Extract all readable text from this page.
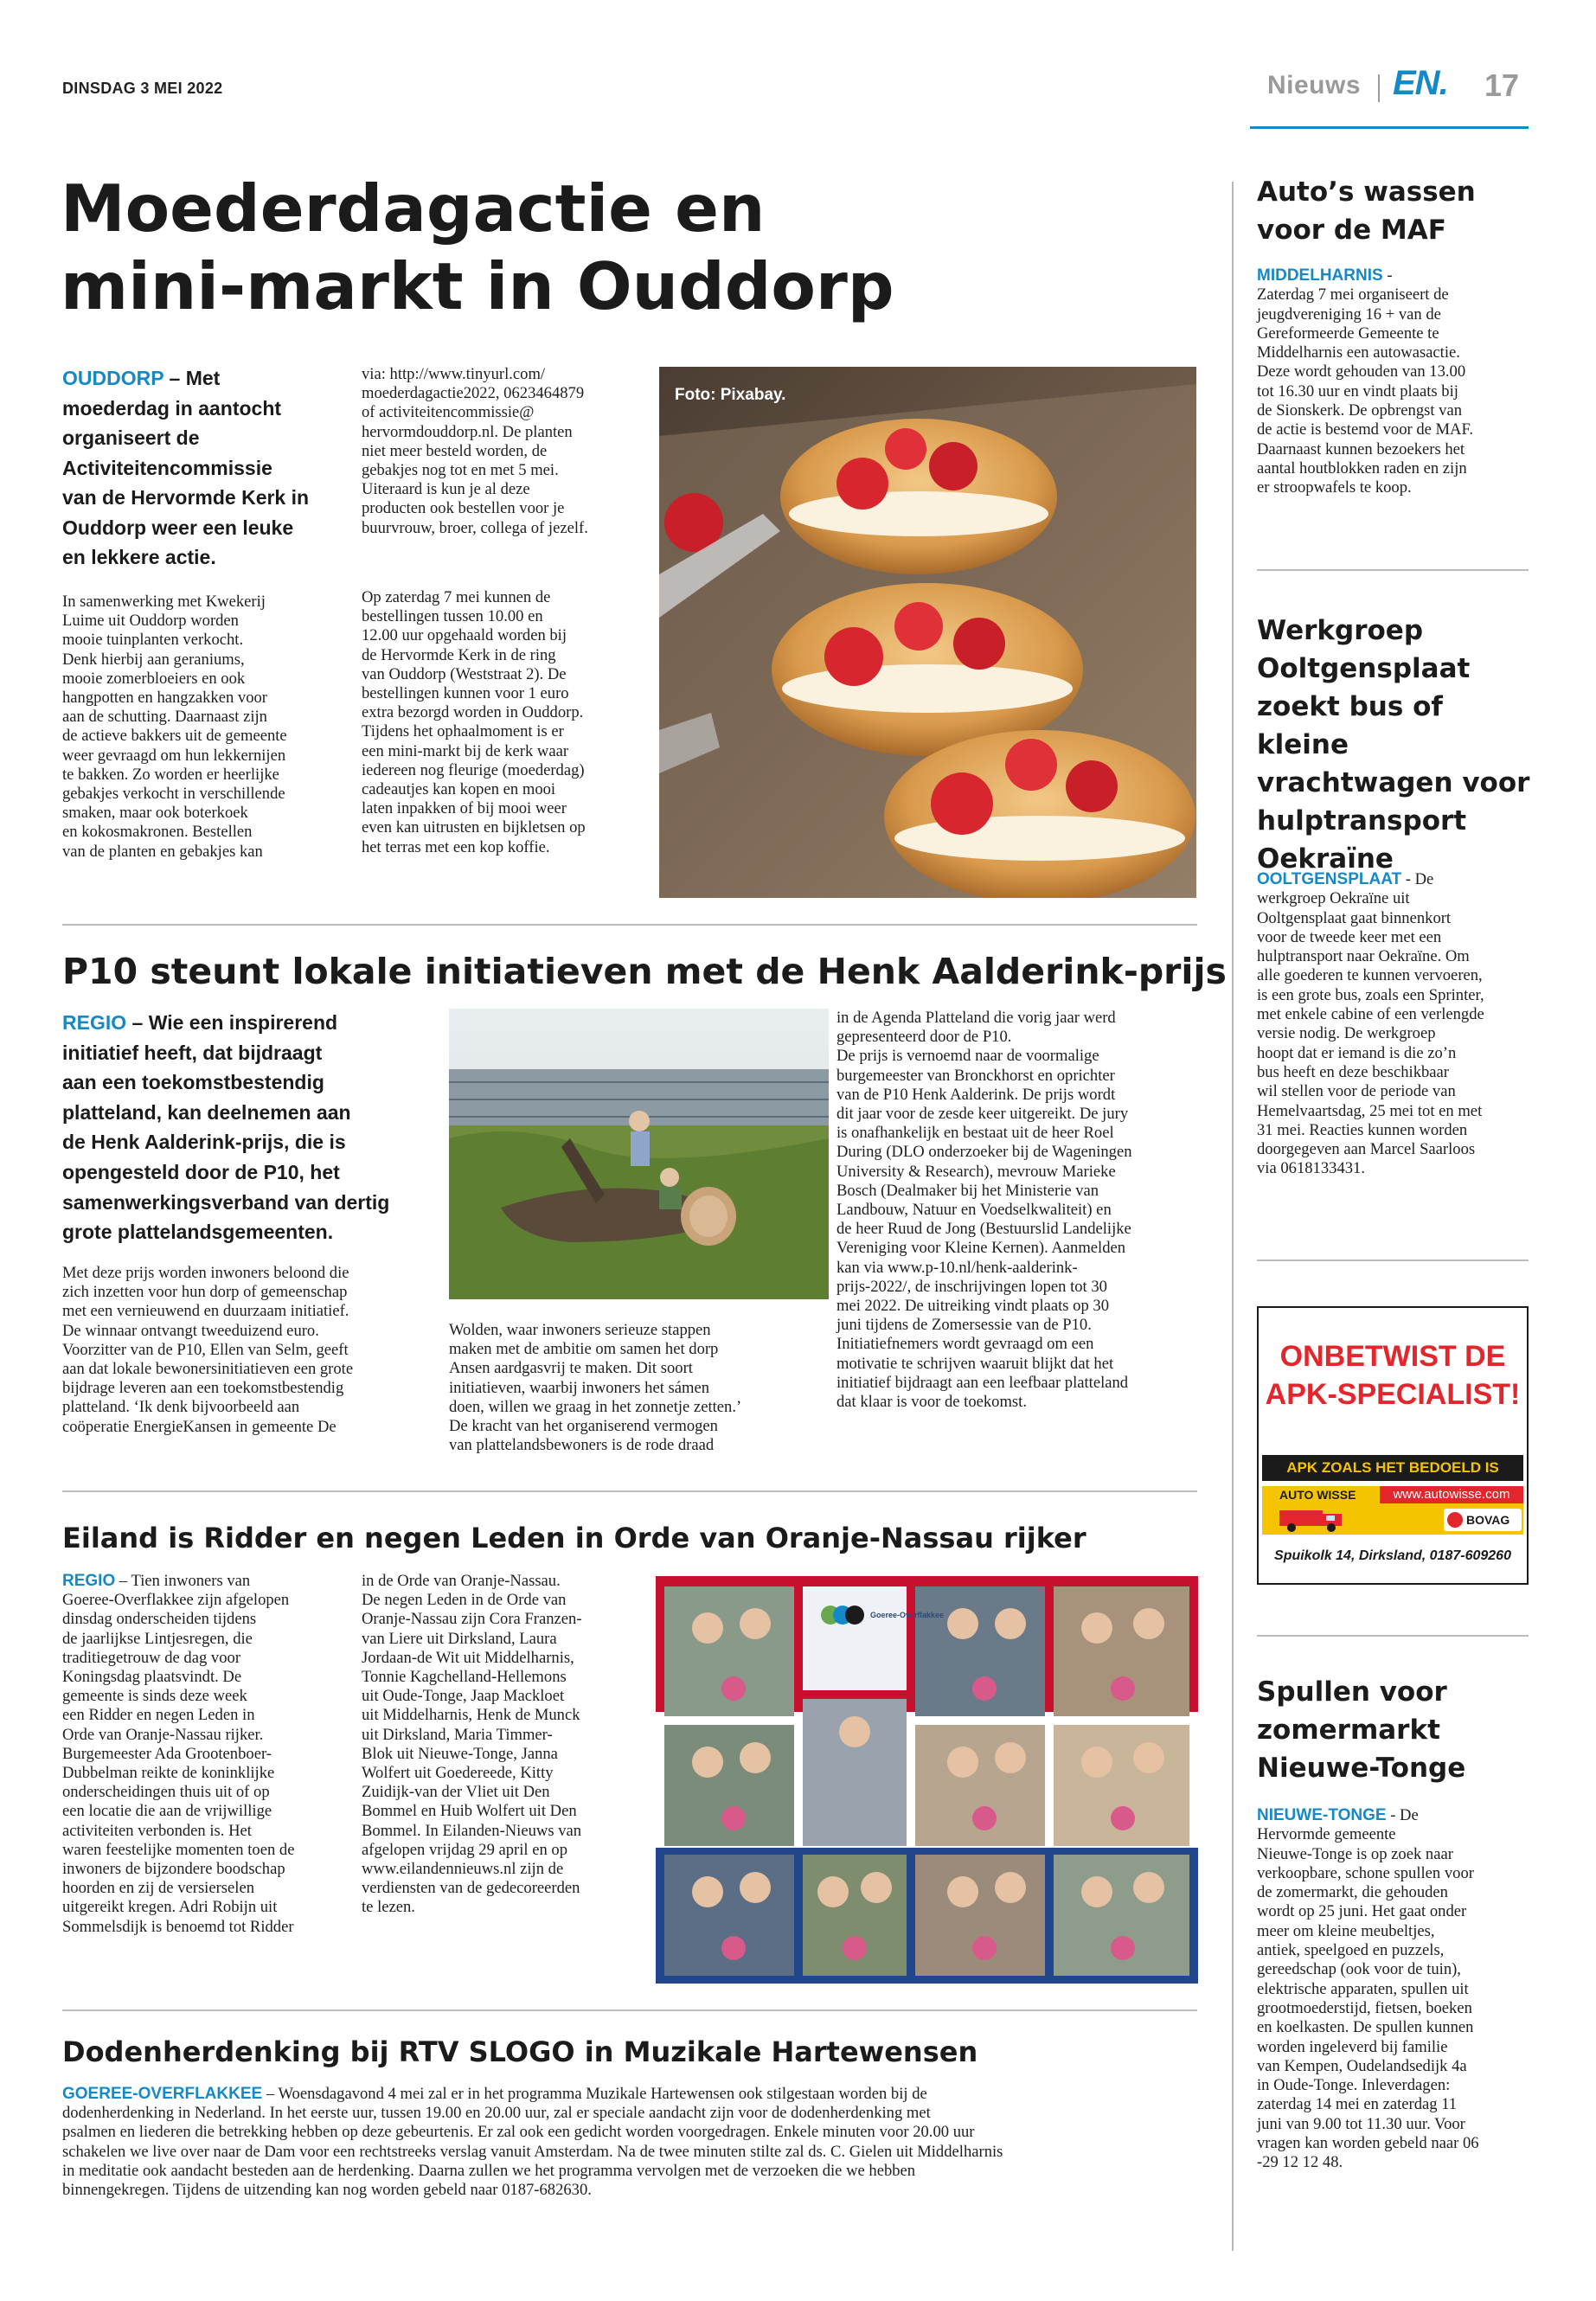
DINSDAG 3 MEI 2022	Nieuws EN. 17
Moederdagactie en
mini-markt in Ouddorp
OUDDORP – Met
moederdag in aantocht
organiseert de
Activiteitencommissie
van de Hervormde Kerk in
Ouddorp weer een leuke
en lekkere actie.
In samenwerking met Kwekerij
Luime uit Ouddorp worden
mooie tuinplanten verkocht.
Denk hierbij aan geraniums,
mooie zomerbloeiers en ook
hangpotten en hangzakken voor
aan de schutting. Daarnaast zijn
de actieve bakkers uit de gemeente
weer gevraagd om hun lekkernijen
te bakken. Zo worden er heerlijke
gebakjes verkocht in verschillende
smaken, maar ook boterkoek
en kokosmakronen. Bestellen
van de planten en gebakjes kan
via: http://www.tinyurl.com/
moederdagactie2022, 0623464879
of activiteitencommissie@
hervormdouddorp.nl. De planten
niet meer besteld worden, de
gebakjes nog tot en met 5 mei.
Uiteraard is kun je al deze
producten ook bestellen voor je
buurvrouw, broer, collega of jezelf.
Op zaterdag 7 mei kunnen de
bestellingen tussen 10.00 en
12.00 uur opgehaald worden bij
de Hervormde Kerk in de ring
van Ouddorp (Weststraat 2). De
bestellingen kunnen voor 1 euro
extra bezorgd worden in Ouddorp.
Tijdens het ophaalmoment is er
een mini-markt bij de kerk waar
iedereen nog fleurige (moederdag)
cadeautjes kan kopen en mooi
laten inpakken of bij mooi weer
even kan uitrusten en bijkletsen op
het terras met een kop koffie.
Foto: Pixabay.
P10 steunt lokale initiatieven met de Henk Aalderink-prijs
REGIO – Wie een inspirerend
initiatief heeft, dat bijdraagt
aan een toekomstbestendig
platteland, kan deelnemen aan
de Henk Aalderink-prijs, die is
opengesteld door de P10, het
samenwerkingsverband van dertig
grote plattelandsgemeenten.
Met deze prijs worden inwoners beloond die
zich inzetten voor hun dorp of gemeenschap
met een vernieuwend en duurzaam initiatief.
De winnaar ontvangt tweeduizend euro.
Voorzitter van de P10, Ellen van Selm, geeft
aan dat lokale bewonersinitiatieven een grote
bijdrage leveren aan een toekomstbestendig
platteland. ‘Ik denk bijvoorbeeld aan
coöperatie EnergieKansen in gemeente De
Wolden, waar inwoners serieuze stappen
maken met de ambitie om samen het dorp
Ansen aardgasvrij te maken. Dit soort
initiatieven, waarbij inwoners het sámen
doen, willen we graag in het zonnetje zetten.’
De kracht van het organiserend vermogen
van plattelandsbewoners is de rode draad
in de Agenda Platteland die vorig jaar werd
gepresenteerd door de P10.
De prijs is vernoemd naar de voormalige
burgemeester van Bronckhorst en oprichter
van de P10 Henk Aalderink. De prijs wordt
dit jaar voor de zesde keer uitgereikt. De jury
is onafhankelijk en bestaat uit de heer Roel
During (DLO onderzoeker bij de Wageningen
University & Research), mevrouw Marieke
Bosch (Dealmaker bij het Ministerie van
Landbouw, Natuur en Voedselkwaliteit) en
de heer Ruud de Jong (Bestuurslid Landelijke
Vereniging voor Kleine Kernen). Aanmelden
kan via www.p-10.nl/henk-aalderink-
prijs-2022/, de inschrijvingen lopen tot 30
mei 2022. De uitreiking vindt plaats op 30
juni tijdens de Zomersessie van de P10.
Initiatiefnemers wordt gevraagd om een
motivatie te schrijven waaruit blijkt dat het
initiatief bijdraagt aan een leefbaar platteland
dat klaar is voor de toekomst.
Eiland is Ridder en negen Leden in Orde van Oranje-Nassau rijker
REGIO – Tien inwoners van
Goeree-Overflakkee zijn afgelopen
dinsdag onderscheiden tijdens
de jaarlijkse Lintjesregen, die
traditiegetrouw de dag voor
Koningsdag plaatsvindt. De
gemeente is sinds deze week
een Ridder en negen Leden in
Orde van Oranje-Nassau rijker.
Burgemeester Ada Grootenboer-
Dubbelman reikte de koninklijke
onderscheidingen thuis uit of op
een locatie die aan de vrijwillige
activiteiten verbonden is. Het
waren feestelijke momenten toen de
inwoners de bijzondere boodschap
hoorden en zij de versierselen
uitgereikt kregen. Adri Robijn uit
Sommelsdijk is benoemd tot Ridder
in de Orde van Oranje-Nassau.
De negen Leden in de Orde van
Oranje-Nassau zijn Cora Franzen-
van Liere uit Dirksland, Laura
Jordaan-de Wit uit Middelharnis,
Tonnie Kagchelland-Hellemons
uit Oude-Tonge, Jaap Mackloet
uit Middelharnis, Henk de Munck
uit Dirksland, Maria Timmer-
Blok uit Nieuwe-Tonge, Janna
Wolfert uit Goedereede, Kitty
Zuidijk-van der Vliet uit Den
Bommel en Huib Wolfert uit Den
Bommel. In Eilanden-Nieuws van
afgelopen vrijdag 29 april en op
www.eilandennieuws.nl zijn de
verdiensten van de gedecoreerden
te lezen.
Goeree-Overflakkee
Dodenherdenking bij RTV SLOGO in Muzikale Hartewensen
GOEREE-OVERFLAKKEE – Woensdagavond 4 mei zal er in het programma Muzikale Hartewensen ook stilgestaan worden bij de
dodenherdenking in Nederland. In het eerste uur, tussen 19.00 en 20.00 uur, zal er speciale aandacht zijn voor de dodenherdenking met
psalmen en liederen die betrekking hebben op deze gebeurtenis. Er zal ook een gedicht worden voorgedragen. Enkele minuten voor 20.00 uur
schakelen we live over naar de Dam voor een rechtstreeks verslag vanuit Amsterdam. Na de twee minuten stilte zal ds. C. Gielen uit Middelharnis
in meditatie ook aandacht besteden aan de herdenking. Daarna zullen we het programma vervolgen met de verzoeken die we hebben
binnengekregen. Tijdens de uitzending kan nog worden gebeld naar 0187-682630.
Auto’s wassen
voor de MAF
MIDDELHARNIS -
Zaterdag 7 mei organiseert de
jeugdvereniging 16 + van de
Gereformeerde Gemeente te
Middelharnis een autowasactie.
Deze wordt gehouden van 13.00
tot 16.30 uur en vindt plaats bij
de Sionskerk. De opbrengst van
de actie is bestemd voor de MAF.
Daarnaast kunnen bezoekers het
aantal houtblokken raden en zijn
er stroopwafels te koop.
Werkgroep
Ooltgensplaat
zoekt bus of kleine
vrachtwagen voor
hulptransport
Oekraïne
OOLTGENSPLAAT - De
werkgroep Oekraïne uit
Ooltgensplaat gaat binnenkort
voor de tweede keer met een
hulptransport naar Oekraïne. Om
alle goederen te kunnen vervoeren,
is een grote bus, zoals een Sprinter,
met enkele cabine of een verlengde
versie nodig. De werkgroep
hoopt dat er iemand is die zo’n
bus heeft en deze beschikbaar
wil stellen voor de periode van
Hemelvaartsdag, 25 mei tot en met
31 mei. Reacties kunnen worden
doorgegeven aan Marcel Saarloos
via 0618133431.
ONBETWIST DE
APK-SPECIALIST!
APK ZOALS HET BEDOELD IS
AUTO WISSE	www.autowisse.com
BOVAG
Spuikolk 14, Dirksland, 0187-609260
Spullen voor
zomermarkt
Nieuwe-Tonge
NIEUWE-TONGE - De
Hervormde gemeente
Nieuwe-Tonge is op zoek naar
verkoopbare, schone spullen voor
de zomermarkt, die gehouden
wordt op 25 juni. Het gaat onder
meer om kleine meubeltjes,
antiek, speelgoed en puzzels,
gereedschap (ook voor de tuin),
elektrische apparaten, spullen uit
grootmoederstijd, fietsen, boeken
en koelkasten. De spullen kunnen
worden ingeleverd bij familie
van Kempen, Oudelandsedijk 4a
in Oude-Tonge. Inleverdagen:
zaterdag 14 mei en zaterdag 11
juni van 9.00 tot 11.30 uur. Voor
vragen kan worden gebeld naar 06
-29 12 12 48.
